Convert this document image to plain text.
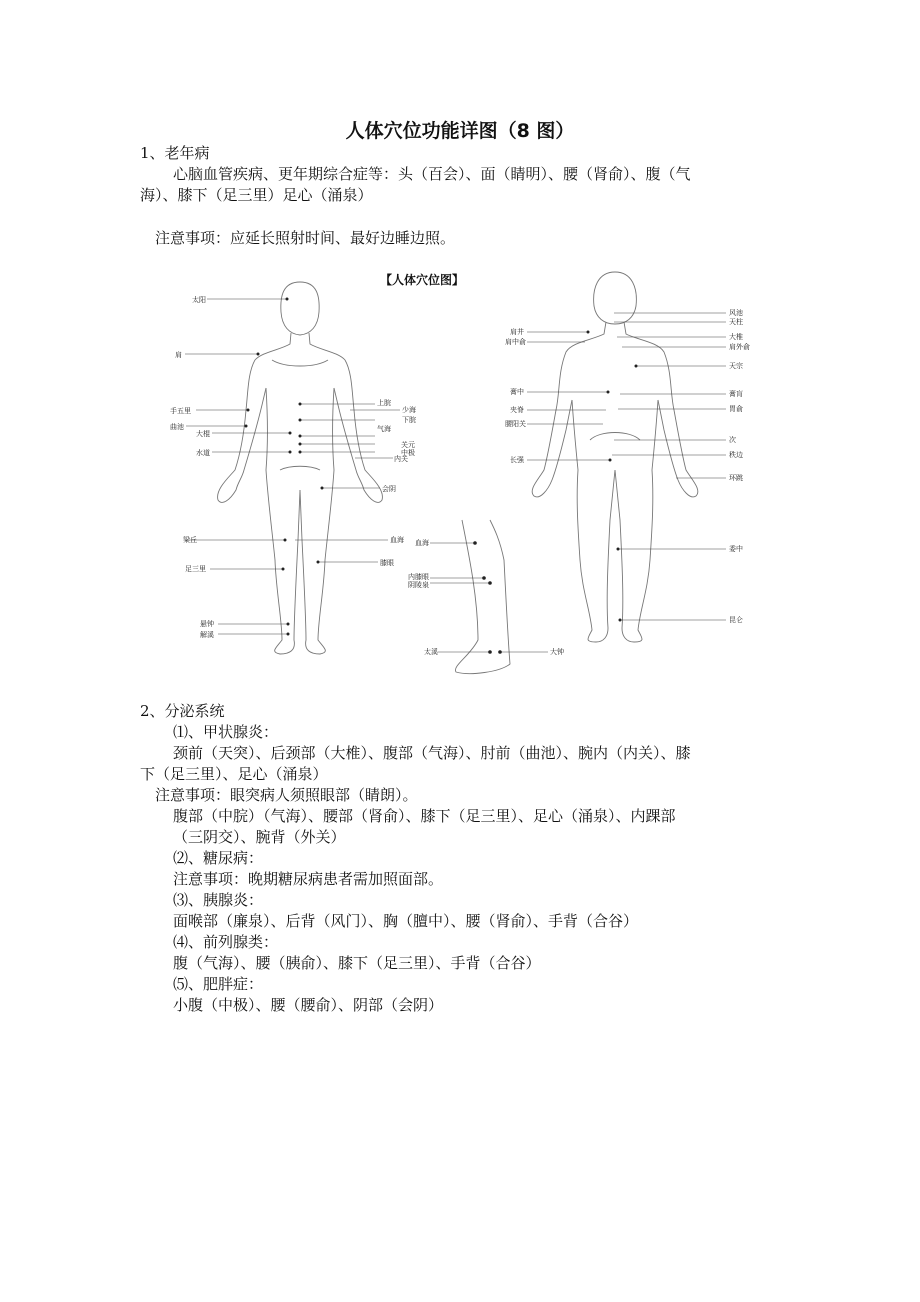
人体穴位功能详图（8 图）
1、老年病
心脑血管疾病、更年期综合症等：头（百会）、面（睛明）、腰（肾俞）、腹（气
海）、膝下（足三里）足心（涌泉）
注意事项：应延长照射时间、最好边睡边照。
【人体穴位图】
太阳
肩
手五里
曲池
大棍
水道
梁丘
足三里
悬钟
解溪
上脘
少海
下脘
气海
关元
中极
内关
会阴
血海
膝眼
血海
内膝眼
阴陵泉
太溪	大钟
肩井
肩中俞
膏中
夹脊
腰阳关
长强
风池
天柱
大椎
肩外俞
天宗
膏肓
胃俞
次
秩边
环跳
委中
昆仑
2、分泌系统
⑴、甲状腺炎：
颈前（天突）、后颈部（大椎）、腹部（气海）、肘前（曲池）、腕内（内关）、膝
下（足三里）、足心（涌泉）
注意事项：眼突病人须照眼部（睛朗）。
腹部（中脘）（气海）、腰部（肾俞）、膝下（足三里）、足心（涌泉）、内踝部
（三阴交）、腕背（外关）
⑵、糖尿病：
注意事项：晚期糖尿病患者需加照面部。
⑶、胰腺炎：
面喉部（廉泉）、后背（风门）、胸（膻中）、腰（肾俞）、手背（合谷）
⑷、前列腺类：
腹（气海）、腰（胰俞）、膝下（足三里）、手背（合谷）
⑸、肥胖症：
小腹（中极）、腰（腰俞）、阴部（会阴）
